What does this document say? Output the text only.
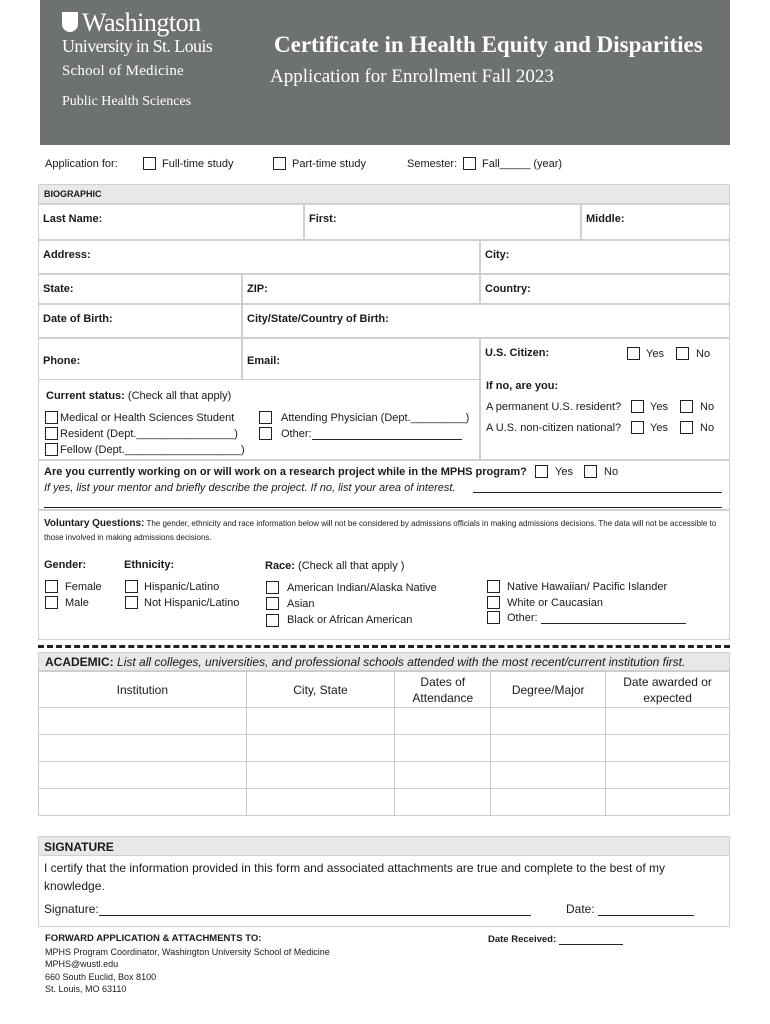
Washington
University in St. Louis
School of Medicine
Public Health Sciences
Certificate in Health Equity and Disparities
Application for Enrollment Fall 2023
Application for:	Full-time study	Part-time study	Semester: Fall_____ (year)
BIOGRAPHIC
Last Name:	First:	Middle:
Address:	City:
State:	ZIP:	Country:
Date of Birth:	City/State/Country of Birth:
Phone:	Email:
U.S. Citizen:	Yes	No
If no, are you:
A permanent U.S. resident?	Yes	No
A U.S. non-citizen national?	Yes	No
Current status: (Check all that apply)
Medical or Health Sciences Student	Attending Physician (Dept._________)
Resident (Dept.________________)	Other:
Fellow (Dept.___________________)
Are you currently working on or will work on a research project while in the MPHS program?	Yes	No
If yes, list your mentor and briefly describe the project. If no, list your area of interest.
Voluntary Questions: The gender, ethnicity and race information below will not be considered by admissions officials in making admissions decisions. The data will not be accessible to those involved in making admissions decisions.
Gender:
Female
Male
Ethnicity:
Hispanic/Latino
Not Hispanic/Latino
Race: (Check all that apply )
American Indian/Alaska Native
Asian
Black or African American
Native Hawaiian/ Pacific Islander
White or Caucasian
Other:
ACADEMIC: List all colleges, universities, and professional schools attended with the most recent/current institution first.
Institution	City, State	Dates of Attendance	Degree/Major	Date awarded or expected

SIGNATURE
I certify that the information provided in this form and associated attachments are true and complete to the best of my knowledge.
Signature:	Date:
FORWARD APPLICATION & ATTACHMENTS TO:
MPHS Program Coordinator, Washington University School of Medicine
MPHS@wustl.edu
660 South Euclid, Box 8100
St. Louis, MO 63110
Date Received:
